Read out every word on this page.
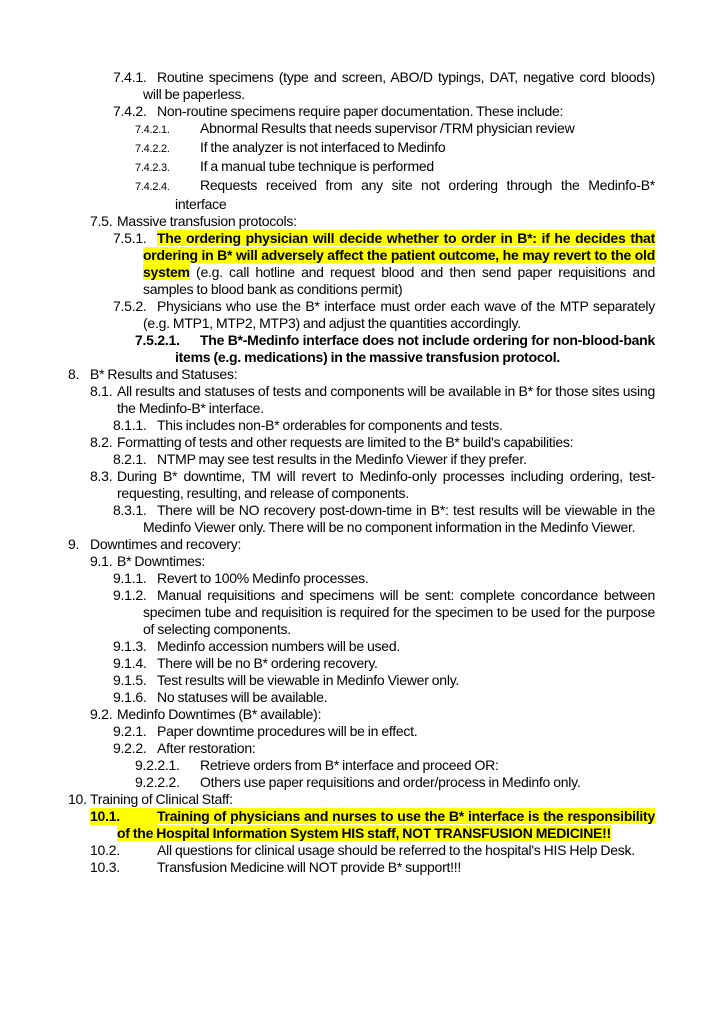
7.4.1. Routine specimens (type and screen, ABO/D typings, DAT, negative cord bloods) will be paperless.
7.4.2. Non-routine specimens require paper documentation. These include:
7.4.2.1. Abnormal Results that needs supervisor /TRM physician review
7.4.2.2. If the analyzer is not interfaced to Medinfo
7.4.2.3. If a manual tube technique is performed
7.4.2.4. Requests received from any site not ordering through the Medinfo-B* interface
7.5. Massive transfusion protocols:
7.5.1. The ordering physician will decide whether to order in B*: if he decides that ordering in B* will adversely affect the patient outcome, he may revert to the old system (e.g. call hotline and request blood and then send paper requisitions and samples to blood bank as conditions permit)
7.5.2. Physicians who use the B* interface must order each wave of the MTP separately (e.g. MTP1, MTP2, MTP3) and adjust the quantities accordingly.
7.5.2.1. The B*-Medinfo interface does not include ordering for non-blood-bank items (e.g. medications) in the massive transfusion protocol.
8. B* Results and Statuses:
8.1. All results and statuses of tests and components will be available in B* for those sites using the Medinfo-B* interface.
8.1.1. This includes non-B* orderables for components and tests.
8.2. Formatting of tests and other requests are limited to the B* build's capabilities:
8.2.1. NTMP may see test results in the Medinfo Viewer if they prefer.
8.3. During B* downtime, TM will revert to Medinfo-only processes including ordering, test-requesting, resulting, and release of components.
8.3.1. There will be NO recovery post-down-time in B*: test results will be viewable in the Medinfo Viewer only. There will be no component information in the Medinfo Viewer.
9. Downtimes and recovery:
9.1. B* Downtimes:
9.1.1. Revert to 100% Medinfo processes.
9.1.2. Manual requisitions and specimens will be sent: complete concordance between specimen tube and requisition is required for the specimen to be used for the purpose of selecting components.
9.1.3. Medinfo accession numbers will be used.
9.1.4. There will be no B* ordering recovery.
9.1.5. Test results will be viewable in Medinfo Viewer only.
9.1.6. No statuses will be available.
9.2. Medinfo Downtimes (B* available):
9.2.1. Paper downtime procedures will be in effect.
9.2.2. After restoration:
9.2.2.1. Retrieve orders from B* interface and proceed OR:
9.2.2.2. Others use paper requisitions and order/process in Medinfo only.
10. Training of Clinical Staff:
10.1.	Training of physicians and nurses to use the B* interface is the responsibility of the Hospital Information System HIS staff, NOT TRANSFUSION MEDICINE!!
10.2.	All questions for clinical usage should be referred to the hospital's HIS Help Desk.
10.3.	Transfusion Medicine will NOT provide B* support!!!
